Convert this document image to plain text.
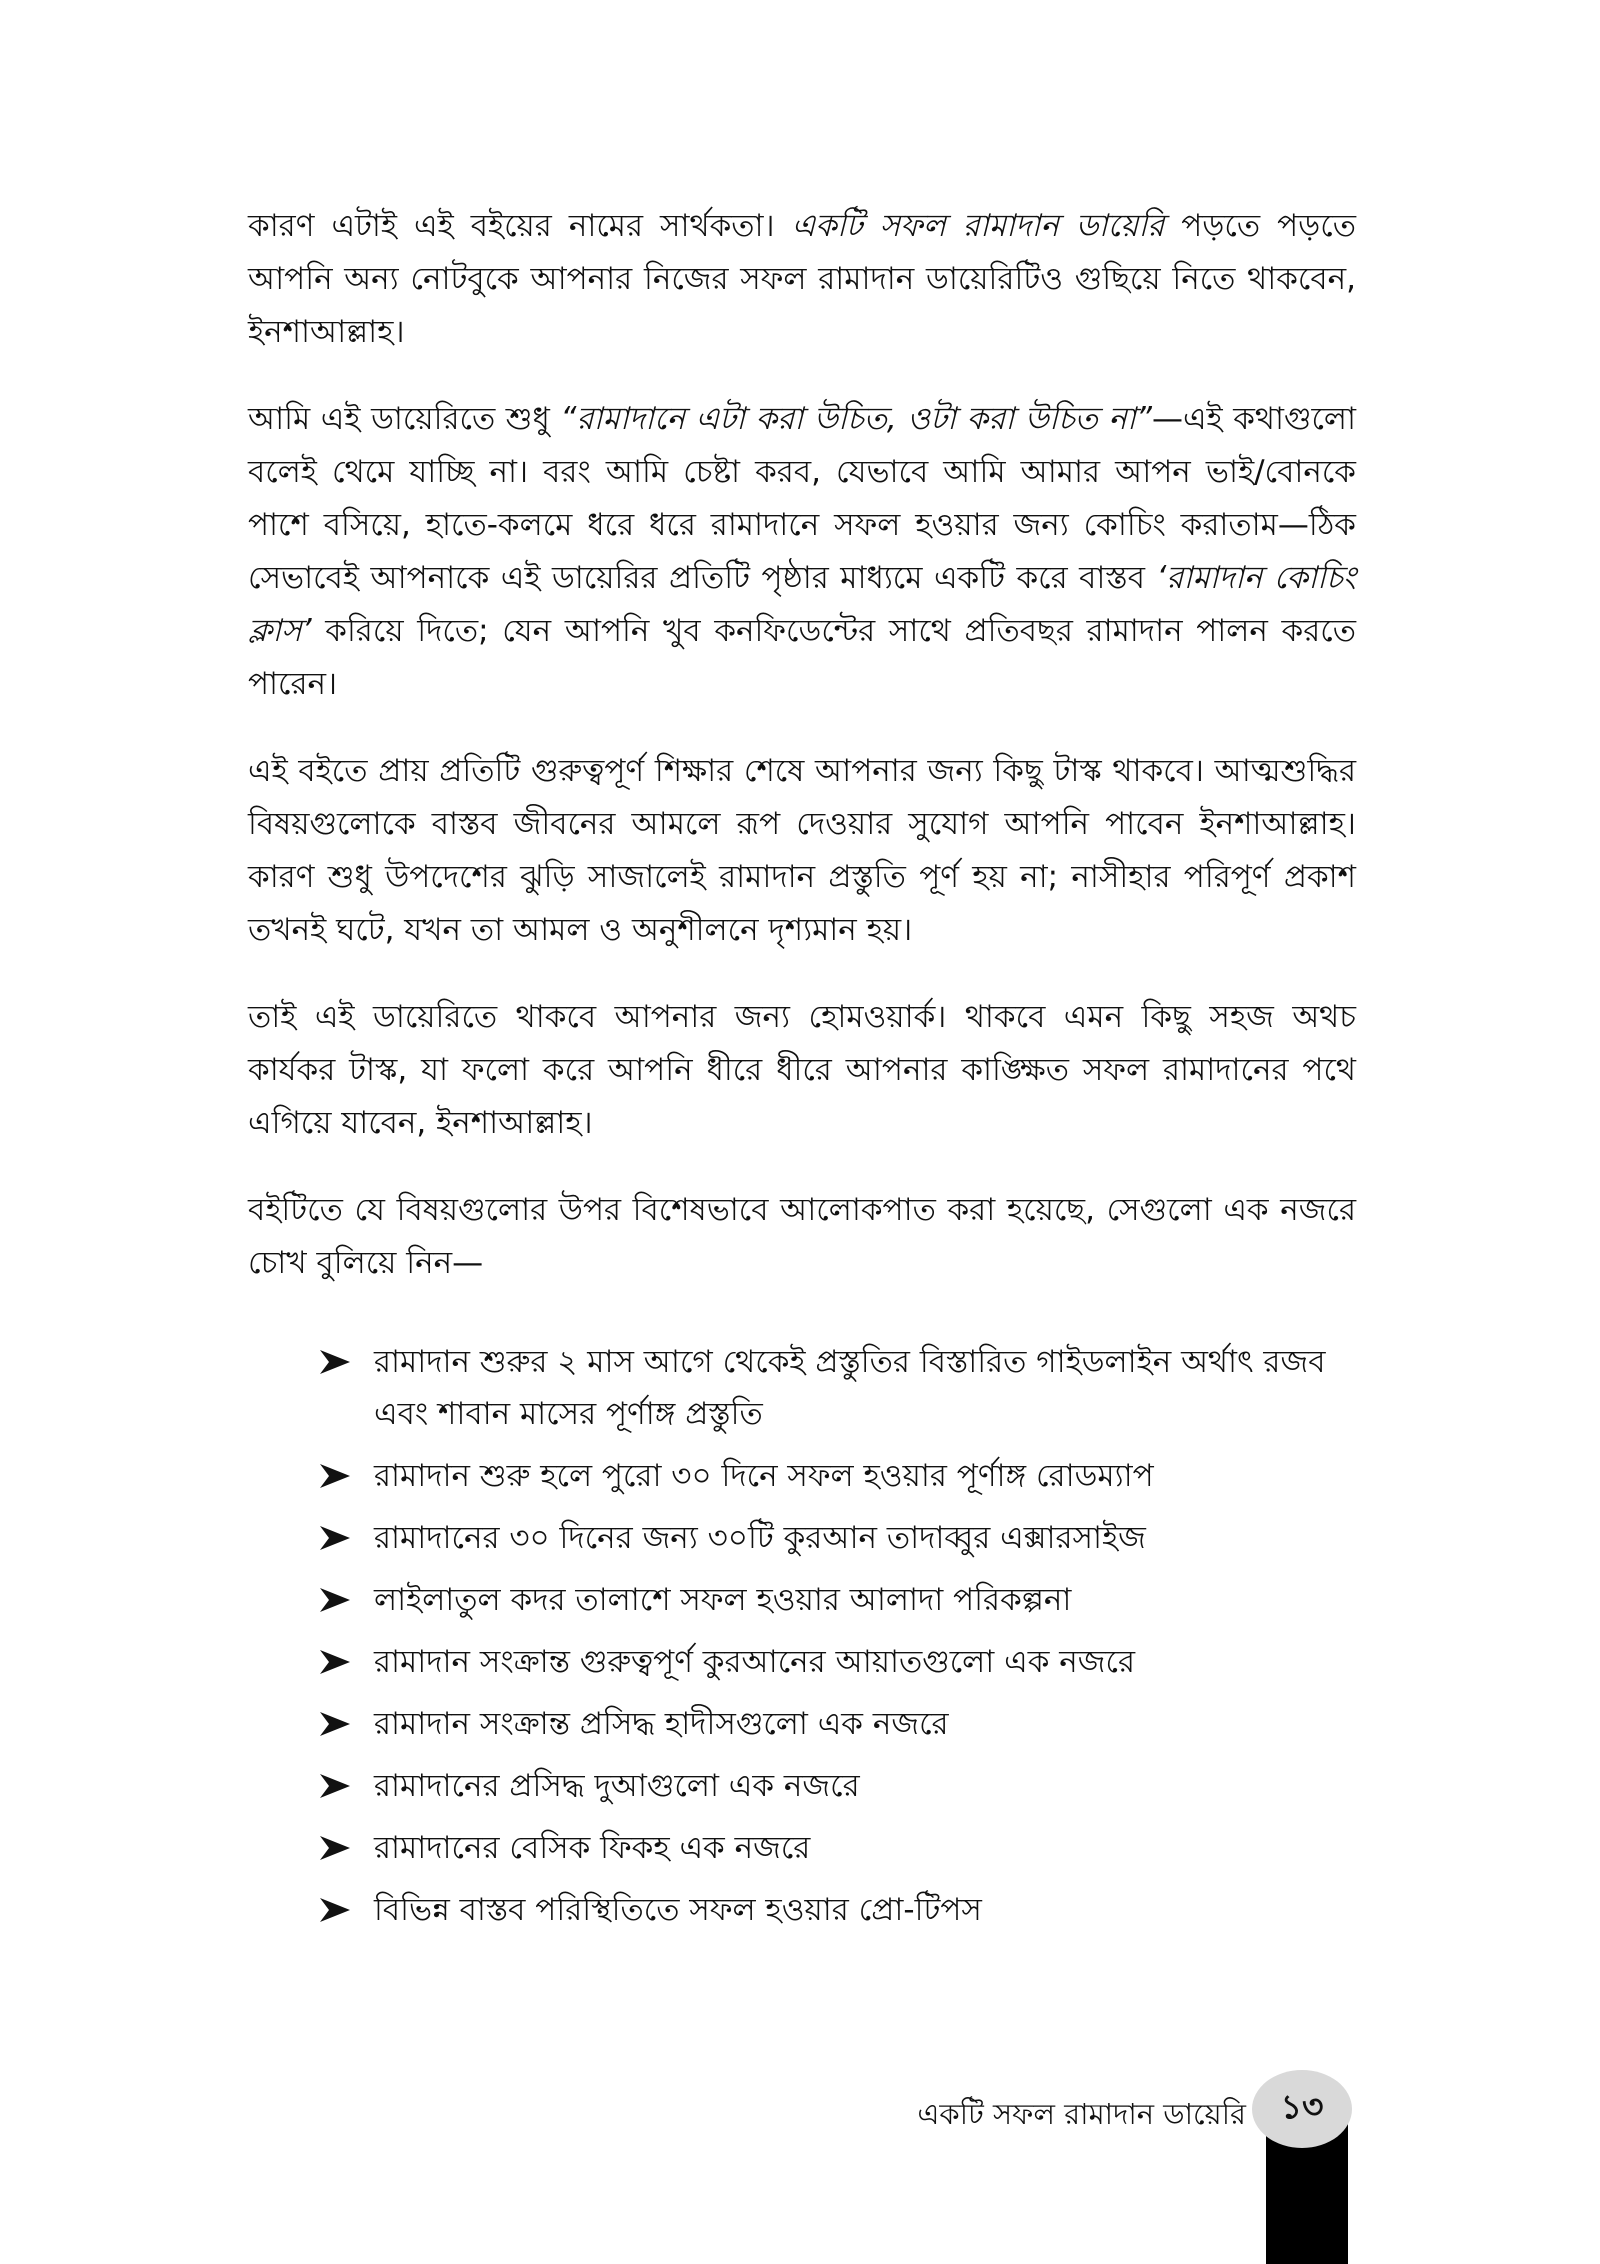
কারণ এটাই এই বইয়ের নামের সার্থকতা। একটি সফল রামাদান ডায়েরি পড়তে পড়তে আপনি অন্য নোটবুকে আপনার নিজের সফল রামাদান ডায়েরিটিও গুছিয়ে নিতে থাকবেন, ইনশাআল্লাহ।

আমি এই ডায়েরিতে শুধু “রামাদানে এটা করা উচিত, ওটা করা উচিত না”—এই কথাগুলো বলেই থেমে যাচ্ছি না। বরং আমি চেষ্টা করব, যেভাবে আমি আমার আপন ভাই/বোনকে পাশে বসিয়ে, হাতে-কলমে ধরে ধরে রামাদানে সফল হওয়ার জন্য কোচিং করাতাম—ঠিক সেভাবেই আপনাকে এই ডায়েরির প্রতিটি পৃষ্ঠার মাধ্যমে একটি করে বাস্তব ‘রামাদান কোচিং ক্লাস’ করিয়ে দিতে; যেন আপনি খুব কনফিডেন্টের সাথে প্রতিবছর রামাদান পালন করতে পারেন।

এই বইতে প্রায় প্রতিটি গুরুত্বপূর্ণ শিক্ষার শেষে আপনার জন্য কিছু টাস্ক থাকবে। আত্মশুদ্ধির বিষয়গুলোকে বাস্তব জীবনের আমলে রূপ দেওয়ার সুযোগ আপনি পাবেন ইনশাআল্লাহ। কারণ শুধু উপদেশের ঝুড়ি সাজালেই রামাদান প্রস্তুতি পূর্ণ হয় না; নাসীহার পরিপূর্ণ প্রকাশ তখনই ঘটে, যখন তা আমল ও অনুশীলনে দৃশ্যমান হয়।

তাই এই ডায়েরিতে থাকবে আপনার জন্য হোমওয়ার্ক। থাকবে এমন কিছু সহজ অথচ কার্যকর টাস্ক, যা ফলো করে আপনি ধীরে ধীরে আপনার কাঙ্ক্ষিত সফল রামাদানের পথে এগিয়ে যাবেন, ইনশাআল্লাহ।

বইটিতে যে বিষয়গুলোর উপর বিশেষভাবে আলোকপাত করা হয়েছে, সেগুলো এক নজরে চোখ বুলিয়ে নিন—

রামাদান শুরুর ২ মাস আগে থেকেই প্রস্তুতির বিস্তারিত গাইডলাইন অর্থাৎ রজব এবং শাবান মাসের পূর্ণাঙ্গ প্রস্তুতি
রামাদান শুরু হলে পুরো ৩০ দিনে সফল হওয়ার পূর্ণাঙ্গ রোডম্যাপ
রামাদানের ৩০ দিনের জন্য ৩০টি কুরআন তাদাব্বুর এক্সারসাইজ
লাইলাতুল কদর তালাশে সফল হওয়ার আলাদা পরিকল্পনা
রামাদান সংক্রান্ত গুরুত্বপূর্ণ কুরআনের আয়াতগুলো এক নজরে
রামাদান সংক্রান্ত প্রসিদ্ধ হাদীসগুলো এক নজরে
রামাদানের প্রসিদ্ধ দুআগুলো এক নজরে
রামাদানের বেসিক ফিকহ এক নজরে
বিভিন্ন বাস্তব পরিস্থিতিতে সফল হওয়ার প্রো-টিপস
একটি সফল রামাদান ডায়েরি	১৩
